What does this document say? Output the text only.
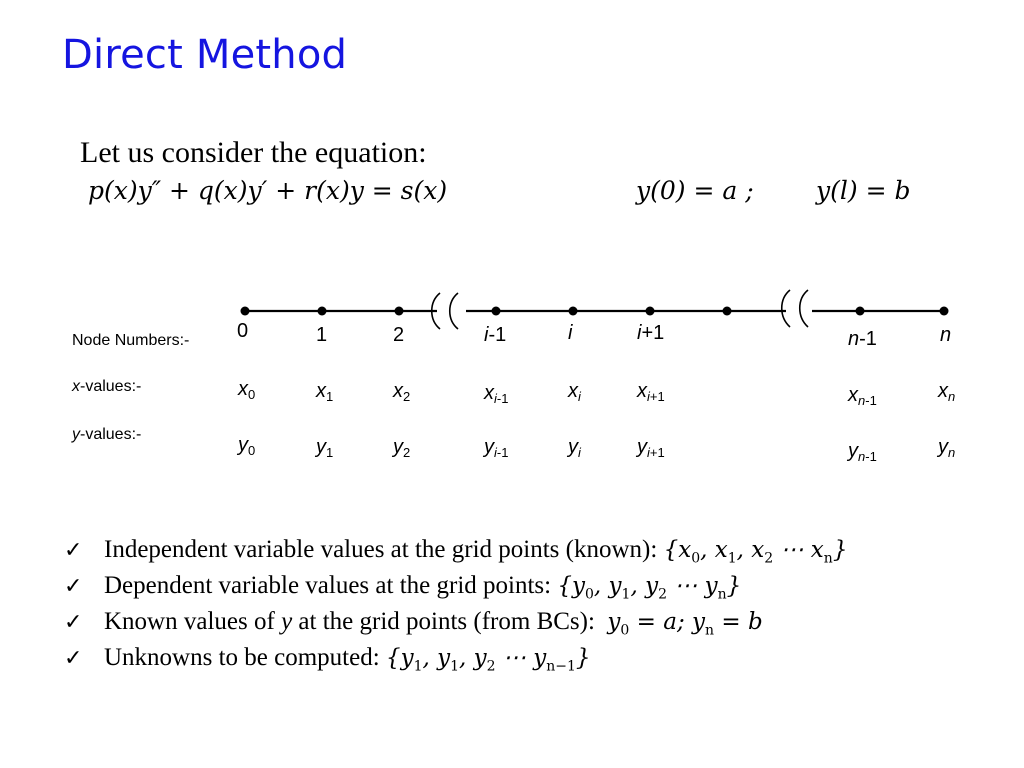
Direct Method
Let us consider the equation:
p(x)y″ + q(x)y′ + r(x)y = s(x)	y(0) = a ; y(l) = b
Node Numbers:-
x-values:-
y-values:-
0	1	2	i-1	i	i+1	n-1	n
$x_0$	$x_1$	$x_2$	$x_{i-1}$	$x_i$	$x_{i+1}$	$x_{n-1}$	$x_n$
$y_0$	$y_1$	$y_2$	$y_{i-1}$	$y_i$	$y_{i+1}$	$y_{n-1}$	$y_n$
✓ Independent variable values at the grid points (known): {$x_0$, $x_1$, $x_2$ ⋯ $x_n$}
✓ Dependent variable values at the grid points: {$y_0$, $y_1$, $y_2$ ⋯ $y_n$}
✓ Known values of y at the grid points (from BCs): $y_0 = a$; $y_n = b$
✓ Unknowns to be computed: {$y_1$, $y_1$, $y_2$ ⋯ $y_{n-1}$}
